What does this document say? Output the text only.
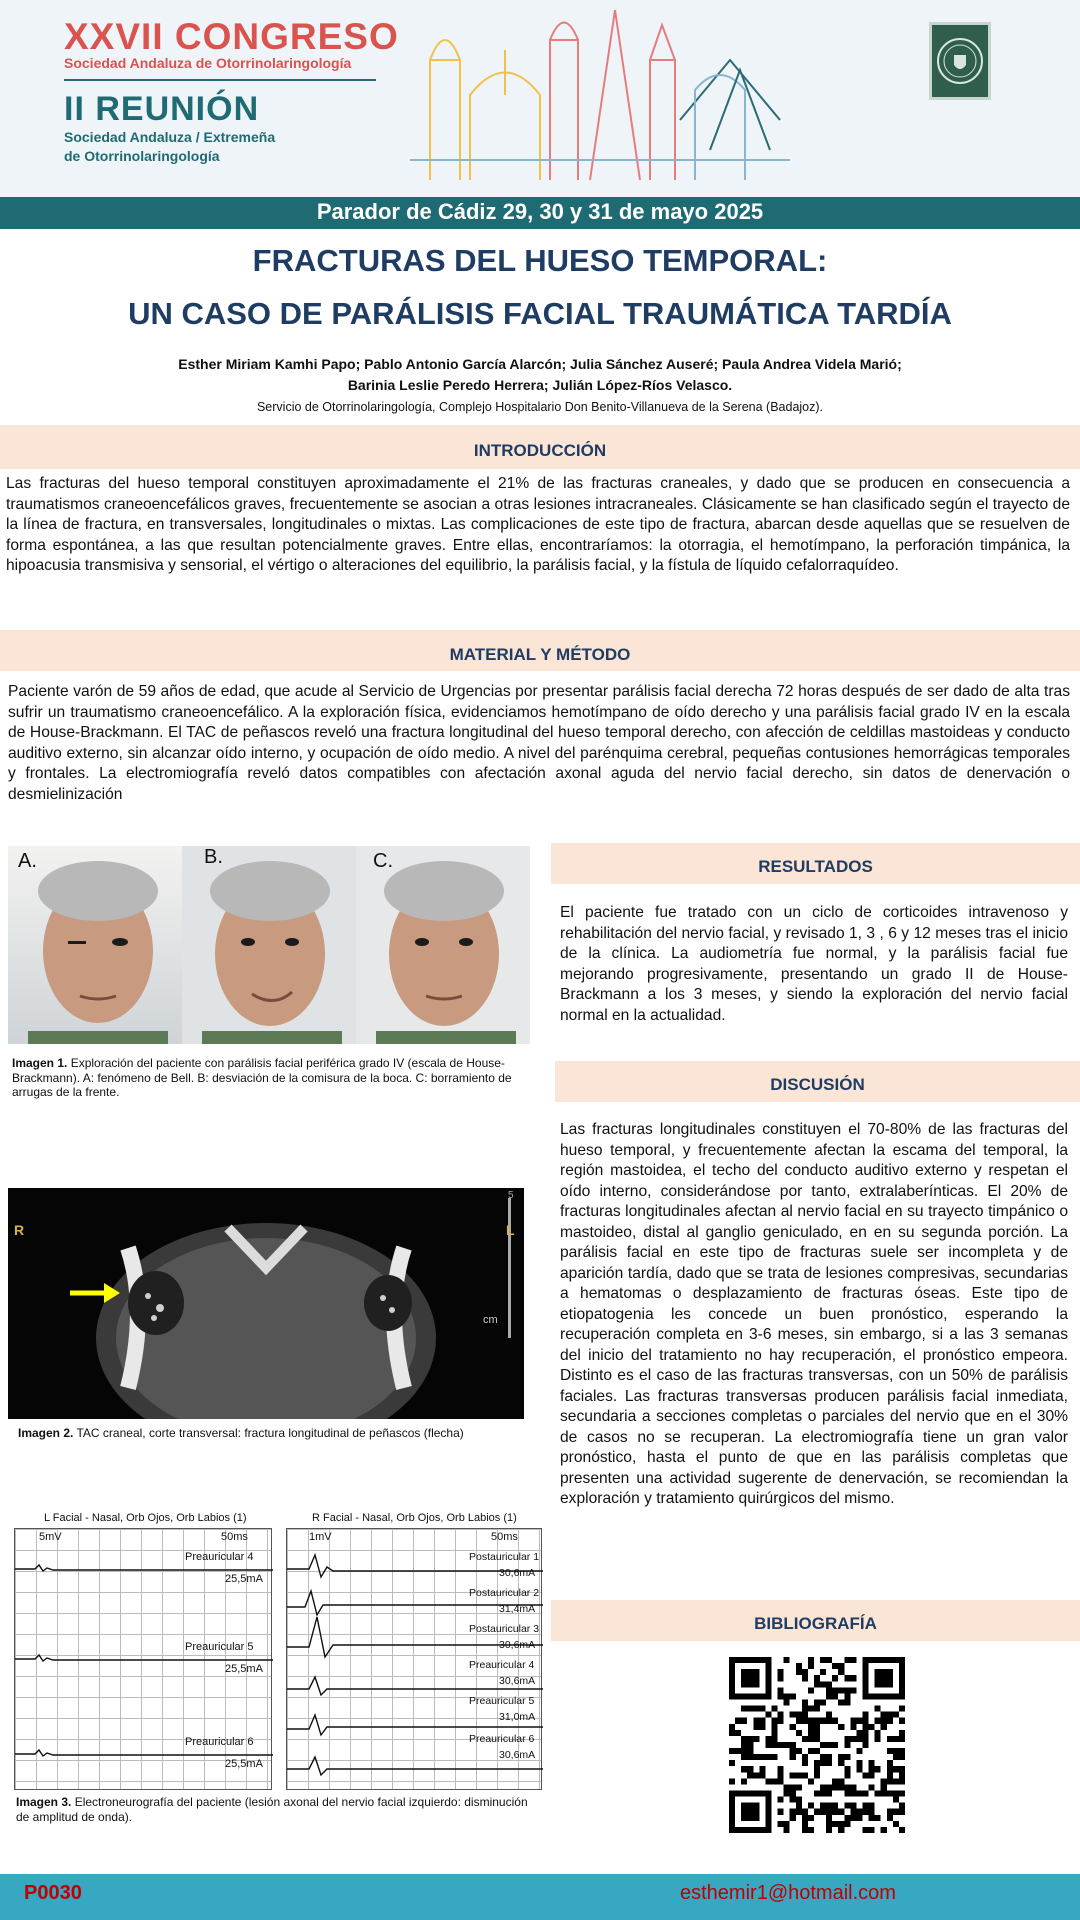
XXVII CONGRESO
Sociedad Andaluza de Otorrinolaringología
II REUNIÓN
Sociedad Andaluza / Extremeña
de Otorrinolaringología
Parador de Cádiz 29, 30 y 31 de mayo 2025
FRACTURAS DEL HUESO TEMPORAL:
UN CASO DE PARÁLISIS FACIAL TRAUMÁTICA TARDÍA
Esther Miriam Kamhi Papo; Pablo Antonio García Alarcón; Julia Sánchez Auseré; Paula Andrea Videla Marió;
Barinia Leslie Peredo Herrera; Julián López-Ríos Velasco.
Servicio de Otorrinolaringología, Complejo Hospitalario Don Benito-Villanueva de la Serena (Badajoz).
INTRODUCCIÓN
Las fracturas del hueso temporal constituyen aproximadamente el 21% de las fracturas craneales, y dado que se producen en consecuencia a traumatismos craneoencefálicos graves, frecuentemente se asocian a otras lesiones intracraneales. Clásicamente se han clasificado según el trayecto de la línea de fractura, en transversales, longitudinales o mixtas. Las complicaciones de este tipo de fractura, abarcan desde aquellas que se resuelven de forma espontánea, a las que resultan potencialmente graves. Entre ellas, encontraríamos: la otorragia, el hemotímpano, la perforación timpánica, la hipoacusia transmisiva y sensorial, el vértigo o alteraciones del equilibrio, la parálisis facial, y la fístula de líquido cefalorraquídeo.
MATERIAL Y MÉTODO
Paciente varón de 59 años de edad, que acude al Servicio de Urgencias por presentar parálisis facial derecha 72 horas después de ser dado de alta tras sufrir un traumatismo craneoencefálico. A la exploración física, evidenciamos hemotímpano de oído derecho y una parálisis facial grado IV en la escala de House-Brackmann. El TAC de peñascos reveló una fractura longitudinal del hueso temporal derecho, con afección de celdillas mastoideas y conducto auditivo externo, sin alcanzar oído interno, y ocupación de oído medio. A nivel del parénquima cerebral, pequeñas contusiones hemorrágicas temporales y frontales. La electromiografía reveló datos compatibles con afectación axonal aguda del nervio facial derecho, sin datos de denervación o desmielinización
A.	B.	C.
Imagen 1. Exploración del paciente con parálisis facial periférica grado IV (escala de House-Brackmann). A: fenómeno de Bell. B: desviación de la comisura de la boca. C: borramiento de arrugas de la frente.
R	L
5
cm
Imagen 2. TAC craneal, corte transversal: fractura longitudinal de peñascos (flecha)
L Facial - Nasal, Orb Ojos, Orb Labios (1)
5mV	50ms
Preauricular 4
25,5mA
Preauricular 5
25,5mA
Preauricular 6
25,5mA
R Facial - Nasal, Orb Ojos, Orb Labios (1)
1mV	50ms
Postauricular 1
30,6mA
Postauricular 2
31,4mA
Postauricular 3
30,6mA
Preauricular 4
30,6mA
Preauricular 5
31,0mA
Preauricular 6
30,6mA
Imagen 3. Electroneurografía del paciente (lesión axonal del nervio facial izquierdo: disminución de amplitud de onda).
RESULTADOS
El paciente fue tratado con un ciclo de corticoides intravenoso y rehabilitación del nervio facial, y revisado 1, 3 , 6 y 12 meses tras el inicio de la clínica. La audiometría fue normal, y la parálisis facial fue mejorando progresivamente, presentando un grado II de House-Brackmann a los 3 meses, y siendo la exploración del nervio facial normal en la actualidad.
DISCUSIÓN
Las fracturas longitudinales constituyen el 70-80% de las fracturas del hueso temporal, y frecuentemente afectan la escama del temporal, la región mastoidea, el techo del conducto auditivo externo y respetan el oído interno, considerándose por tanto, extralaberínticas. El 20% de fracturas longitudinales afectan al nervio facial en su trayecto timpánico o mastoideo, distal al ganglio geniculado, en en su segunda porción. La parálisis facial en este tipo de fracturas suele ser incompleta y de aparición tardía, dado que se trata de lesiones compresivas, secundarias a hematomas o desplazamiento de fracturas óseas. Este tipo de etiopatogenia les concede un buen pronóstico, esperando la recuperación completa en 3-6 meses, sin embargo, si a las 3 semanas del inicio del tratamiento no hay recuperación, el pronóstico empeora. Distinto es el caso de las fracturas transversas, con un 50% de parálisis faciales. Las fracturas transversas producen parálisis facial inmediata, secundaria a secciones completas o parciales del nervio que en el 30% de casos no se recuperan. La electromiografía tiene un gran valor pronóstico, hasta el punto de que en las parálisis completas que presenten una actividad sugerente de denervación, se recomiendan la exploración y tratamiento quirúrgicos del mismo.
BIBLIOGRAFÍA
P0030	esthemir1@hotmail.com
